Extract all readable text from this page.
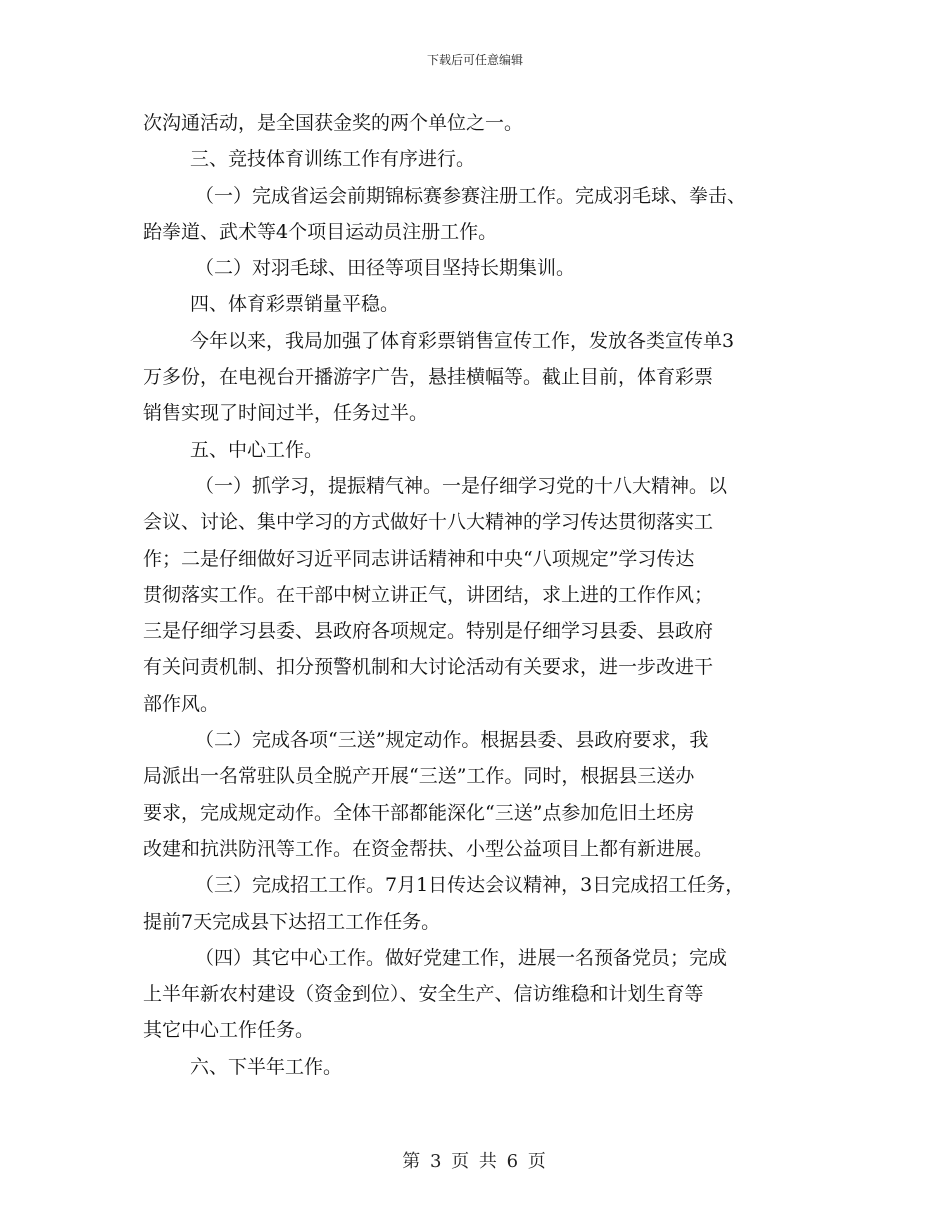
下载后可任意编辑
次沟通活动，是全国获金奖的两个单位之一。
三、竞技体育训练工作有序进行。
（一）完成省运会前期锦标赛参赛注册工作。完成羽毛球、拳击、
跆拳道、武术等4个项目运动员注册工作。
（二）对羽毛球、田径等项目坚持长期集训。
四、体育彩票销量平稳。
今年以来，我局加强了体育彩票销售宣传工作，发放各类宣传单3
万多份，在电视台开播游字广告，悬挂横幅等。截止目前，体育彩票
销售实现了时间过半，任务过半。
五、中心工作。
（一）抓学习，提振精气神。一是仔细学习党的十八大精神。以
会议、讨论、集中学习的方式做好十八大精神的学习传达贯彻落实工
作；二是仔细做好习近平同志讲话精神和中央“八项规定”学习传达
贯彻落实工作。在干部中树立讲正气，讲团结，求上进的工作作风；
三是仔细学习县委、县政府各项规定。特别是仔细学习县委、县政府
有关问责机制、扣分预警机制和大讨论活动有关要求，进一步改进干
部作风。
（二）完成各项“三送”规定动作。根据县委、县政府要求，我
局派出一名常驻队员全脱产开展“三送”工作。同时，根据县三送办
要求，完成规定动作。全体干部都能深化“三送”点参加危旧土坯房
改建和抗洪防汛等工作。在资金帮扶、小型公益项目上都有新进展。
（三）完成招工工作。7月1日传达会议精神，3日完成招工任务，
提前7天完成县下达招工工作任务。
（四）其它中心工作。做好党建工作，进展一名预备党员；完成
上半年新农村建设（资金到位）、安全生产、信访维稳和计划生育等
其它中心工作任务。
六、下半年工作。
第 3 页 共 6 页
